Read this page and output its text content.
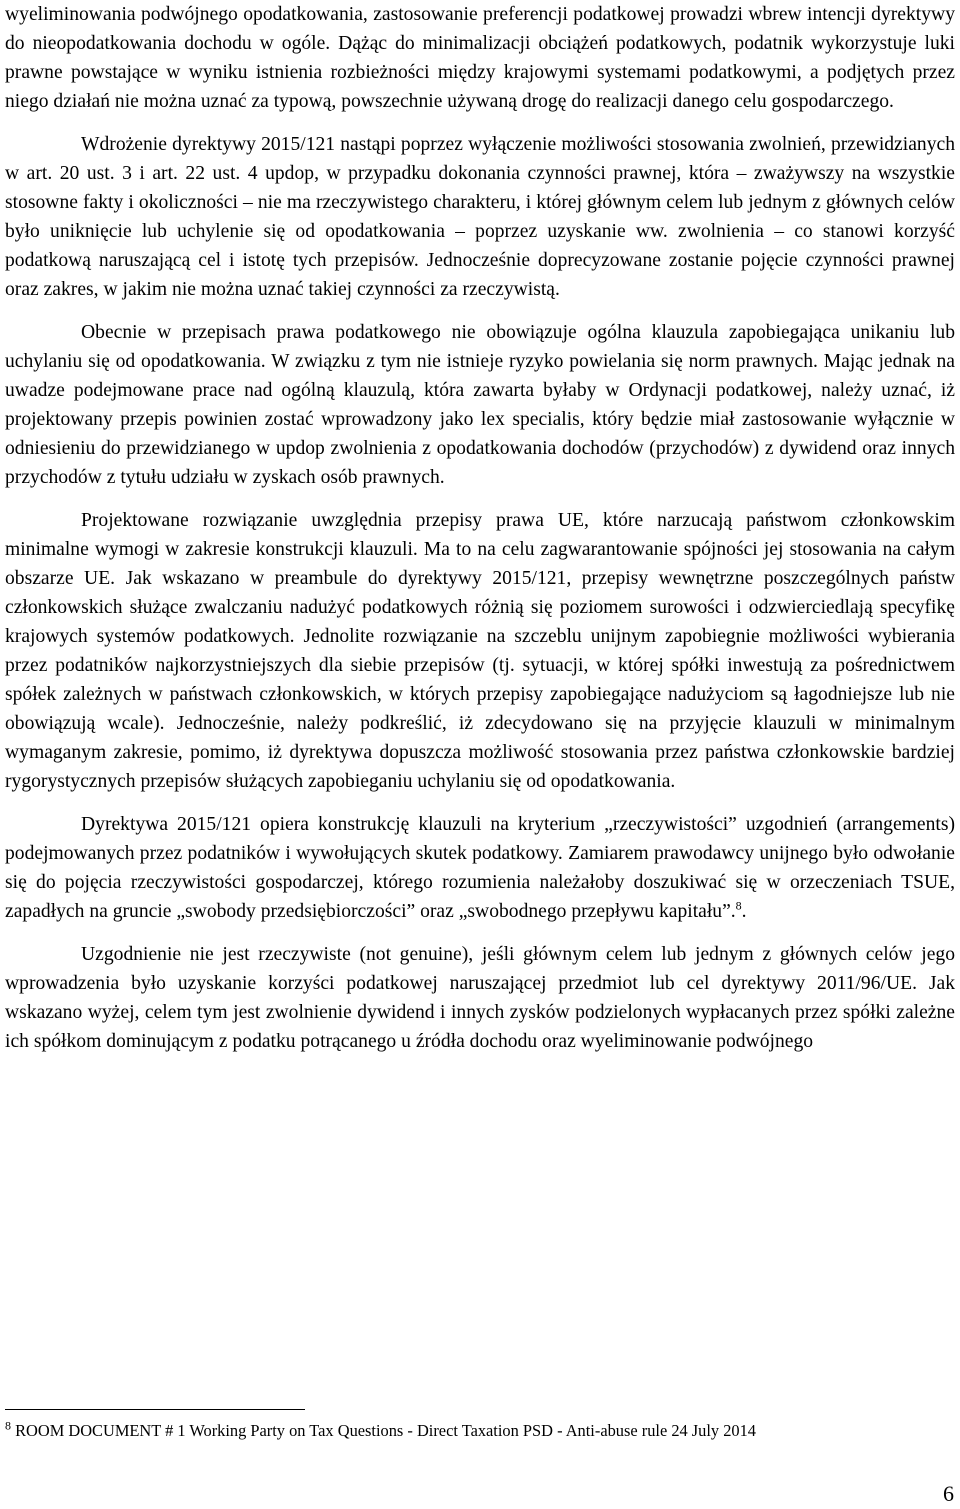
wyeliminowania podwójnego opodatkowania, zastosowanie preferencji podatkowej prowadzi wbrew intencji dyrektywy do nieopodatkowania dochodu w ogóle. Dążąc do minimalizacji obciążeń podatkowych, podatnik wykorzystuje luki prawne powstające w wyniku istnienia rozbieżności między krajowymi systemami podatkowymi, a podjętych przez niego działań nie można uznać za typową, powszechnie używaną drogę do realizacji danego celu gospodarczego.

Wdrożenie dyrektywy 2015/121 nastąpi poprzez wyłączenie możliwości stosowania zwolnień, przewidzianych w art. 20 ust. 3 i art. 22 ust. 4 updop, w przypadku dokonania czynności prawnej, która – zważywszy na wszystkie stosowne fakty i okoliczności – nie ma rzeczywistego charakteru, i której głównym celem lub jednym z głównych celów było uniknięcie lub uchylenie się od opodatkowania – poprzez uzyskanie ww. zwolnienia – co stanowi korzyść podatkową naruszającą cel i istotę tych przepisów. Jednocześnie doprecyzowane zostanie pojęcie czynności prawnej oraz zakres, w jakim nie można uznać takiej czynności za rzeczywistą.

Obecnie w przepisach prawa podatkowego nie obowiązuje ogólna klauzula zapobiegająca unikaniu lub uchylaniu się od opodatkowania. W związku z tym nie istnieje ryzyko powielania się norm prawnych. Mając jednak na uwadze podejmowane prace nad ogólną klauzulą, która zawarta byłaby w Ordynacji podatkowej, należy uznać, iż projektowany przepis powinien zostać wprowadzony jako lex specialis, który będzie miał zastosowanie wyłącznie w odniesieniu do przewidzianego w updop zwolnienia z opodatkowania dochodów (przychodów) z dywidend oraz innych przychodów z tytułu udziału w zyskach osób prawnych.

Projektowane rozwiązanie uwzględnia przepisy prawa UE, które narzucają państwom członkowskim minimalne wymogi w zakresie konstrukcji klauzuli. Ma to na celu zagwarantowanie spójności jej stosowania na całym obszarze UE. Jak wskazano w preambule do dyrektywy 2015/121, przepisy wewnętrzne poszczególnych państw członkowskich służące zwalczaniu nadużyć podatkowych różnią się poziomem surowości i odzwierciedlają specyfikę krajowych systemów podatkowych. Jednolite rozwiązanie na szczeblu unijnym zapobiegnie możliwości wybierania przez podatników najkorzystniejszych dla siebie przepisów (tj. sytuacji, w której spółki inwestują za pośrednictwem spółek zależnych w państwach członkowskich, w których przepisy zapobiegające nadużyciom są łagodniejsze lub nie obowiązują wcale). Jednocześnie, należy podkreślić, iż zdecydowano się na przyjęcie klauzuli w minimalnym wymaganym zakresie, pomimo, iż dyrektywa dopuszcza możliwość stosowania przez państwa członkowskie bardziej rygorystycznych przepisów służących zapobieganiu uchylaniu się od opodatkowania.

Dyrektywa 2015/121 opiera konstrukcję klauzuli na kryterium „rzeczywistości” uzgodnień (arrangements) podejmowanych przez podatników i wywołujących skutek podatkowy. Zamiarem prawodawcy unijnego było odwołanie się do pojęcia rzeczywistości gospodarczej, którego rozumienia należałoby doszukiwać się w orzeczeniach TSUE, zapadłych na gruncie „swobody przedsiębiorczości” oraz „swobodnego przepływu kapitału”.$^8$.

Uzgodnienie nie jest rzeczywiste (not genuine), jeśli głównym celem lub jednym z głównych celów jego wprowadzenia było uzyskanie korzyści podatkowej naruszającej przedmiot lub cel dyrektywy 2011/96/UE. Jak wskazano wyżej, celem tym jest zwolnienie dywidend i innych zysków podzielonych wypłacanych przez spółki zależne ich spółkom dominującym z podatku potrącanego u źródła dochodu oraz wyeliminowanie podwójnego

$^8$ ROOM DOCUMENT # 1 Working Party on Tax Questions - Direct Taxation PSD - Anti-abuse rule 24 July 2014
6
